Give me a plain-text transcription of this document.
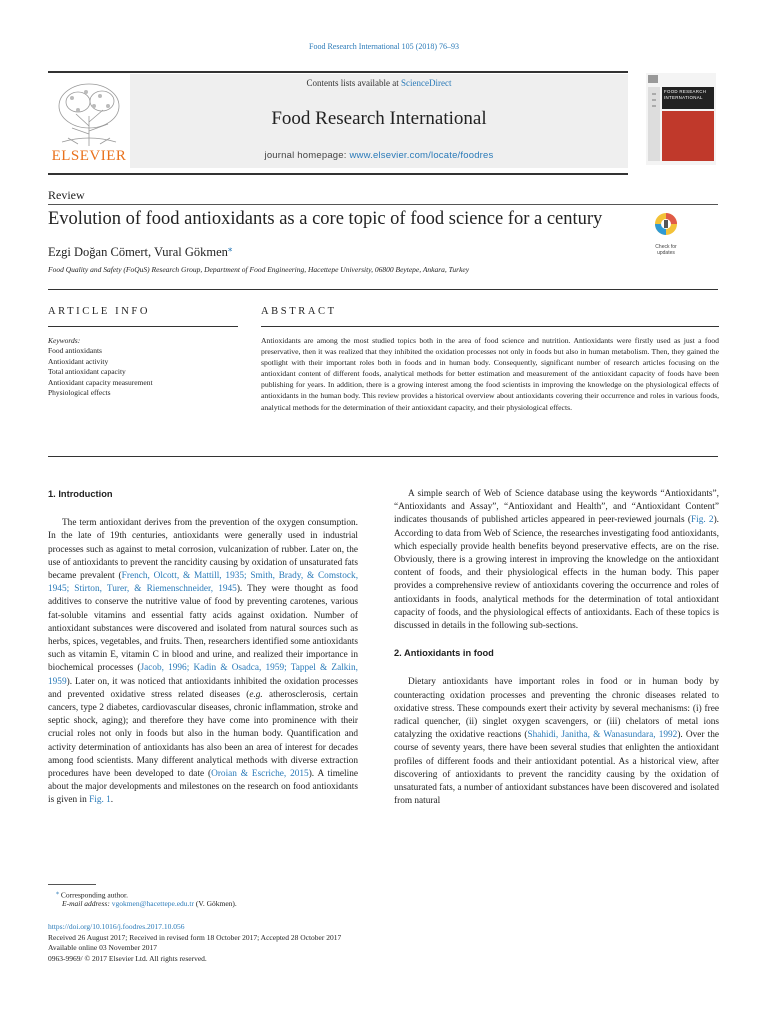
Food Research International 105 (2018) 76–93
ELSEVIER
Contents lists available at ScienceDirect
Food Research International
journal homepage: www.elsevier.com/locate/foodres
FOOD RESEARCH
INTERNATIONAL
Review
Evolution of food antioxidants as a core topic of food science for a century
Check for
updates
Ezgi Doğan Cömert, Vural Gökmen⁎
Food Quality and Safety (FoQuS) Research Group, Department of Food Engineering, Hacettepe University, 06800 Beytepe, Ankara, Turkey
ARTICLE INFO	ABSTRACT
Keywords:
Food antioxidants
Antioxidant activity
Total antioxidant capacity
Antioxidant capacity measurement
Physiological effects
Antioxidants are among the most studied topics both in the area of food science and nutrition. Antioxidants were firstly used as just a food preservative, then it was realized that they inhibited the oxidation processes not only in foods but also in human metabolism. Then, they gained the spotlight with their important roles both in foods and in human body. Consequently, significant number of research articles focusing on the antioxidant content of different foods, analytical methods for better estimation and measurement of the antioxidant capacity of foods have been publishing for years. In addition, there is a growing interest among the food scientists in improving the knowledge on the physiological effects of antioxidants in the human body. This review provides a historical overview about antioxidants covering their occurrence and roles in various foods, analytical methods for the determination of their antioxidant capacity, and their physiological effects.
1. Introduction

The term antioxidant derives from the prevention of the oxygen consumption. In the late of 19th centuries, antioxidants were generally used in industrial processes such as against to metal corrosion, vulcanization of rubber. Later on, the use of antioxidants to prevent the rancidity causing by oxidation of unsaturated fats became prevalent (French, Olcott, & Mattill, 1935; Smith, Brady, & Comstock, 1945; Stirton, Turer, & Riemenschneider, 1945). They were thought as food additives to conserve the nutritive value of food by preventing carotenes, various fat-soluble vitamins and essential fatty acids against oxidation. Number of antioxidant substances were discovered and isolated from natural sources such as herbs, spices, vegetables, and fruits. Then, researchers identified some antioxidants such as vitamin E, vitamin C in blood and urine, and realized their importance in biochemical processes (Jacob, 1996; Kadin & Osadca, 1959; Tappel & Zalkin, 1959). Later on, it was noticed that antioxidants inhibited the oxidation processes and prevented oxidative stress related diseases (e.g. atherosclerosis, certain cancers, type 2 diabetes, cardiovascular diseases, chronic inflammation, stroke and septic shock, aging); and therefore they have come into prominence with their crucial roles not only in foods but also in the human body. Quantification and activity determination of antioxidants has also been an area of interest for decades among food scientists. Many different analytical methods with diverse extraction procedures have been developed to date (Oroian & Escriche, 2015). A timeline about the major developments and milestones on the research on food antioxidants is given in Fig. 1.

A simple search of Web of Science database using the keywords “Antioxidants”, “Antioxidants and Assay”, “Antioxidant and Health”, and “Antioxidant Content” indicates thousands of published articles appeared in peer-reviewed journals (Fig. 2). According to data from Web of Science, the researches investigating food antioxidants, which especially provide health benefits beyond preservative effects, are on the rise. Obviously, there is a growing interest in improving the knowledge on the antioxidant content of foods, and their physiological effects in the human body. This paper provides a comprehensive review of antioxidants covering the occurrence and roles of antioxidants in foods, analytical methods for the determination of total antioxidant capacity of foods, and the physiological effects of antioxidants. Each of these topics is discussed in details in the following sub-sections.

2. Antioxidants in food

Dietary antioxidants have important roles in food or in human body by counteracting oxidation processes and preventing the chronic diseases related to oxidative stress. These compounds exert their activity by several mechanisms: (i) free radical quencher, (ii) singlet oxygen scavengers, or (iii) chelators of metal ions catalyzing the oxidative reactions (Shahidi, Janitha, & Wanasundara, 1992). Over the course of seventy years, there have been several studies that enlighten the antioxidant profiles of different foods and their antioxidant potential. As a historical view, after discovering of antioxidants to prevent the rancidity causing by the oxidation of unsaturated fats, a number of antioxidant substances have been discovered and isolated from natural

⁎ Corresponding author.
E-mail address: vgokmen@hacettepe.edu.tr (V. Gökmen).
https://doi.org/10.1016/j.foodres.2017.10.056
Received 26 August 2017; Received in revised form 18 October 2017; Accepted 28 October 2017
Available online 03 November 2017
0963-9969/ © 2017 Elsevier Ltd. All rights reserved.
